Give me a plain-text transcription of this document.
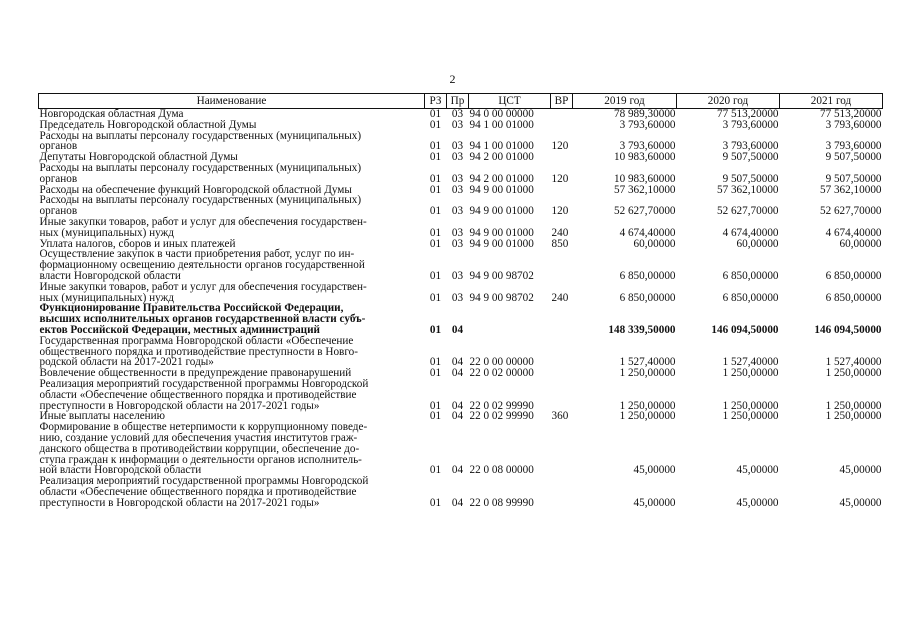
2
Наименование	РЗ	Пр	ЦСТ	ВР	2019 год	2020 год	2021 год

Новгородская областная Дума	01	03	94 0 00 00000		78 989,30000	77 513,20000	77 513,20000

Председатель Новгородской областной Думы	01	03	94 1 00 01000		3 793,60000	3 793,60000	3 793,60000

Расходы на выплаты персоналу государственных (муниципальных)
органов	01	03	94 1 00 01000	120	3 793,60000	3 793,60000	3 793,60000

Депутаты Новгородской областной Думы	01	03	94 2 00 01000		10 983,60000	9 507,50000	9 507,50000

Расходы на выплаты персоналу государственных (муниципальных)
органов	01	03	94 2 00 01000	120	10 983,60000	9 507,50000	9 507,50000

Расходы на обеспечение функций Новгородской областной Думы	01	03	94 9 00 01000		57 362,10000	57 362,10000	57 362,10000

Расходы на выплаты персоналу государственных (муниципальных)
органов	01	03	94 9 00 01000	120	52 627,70000	52 627,70000	52 627,70000

Иные закупки товаров, работ и услуг для обеспечения государствен-
ных (муниципальных) нужд	01	03	94 9 00 01000	240	4 674,40000	4 674,40000	4 674,40000

Уплата налогов, сборов и иных платежей	01	03	94 9 00 01000	850	60,00000	60,00000	60,00000

Осуществление закупок в части приобретения работ, услуг по ин-
формационному освещению деятельности органов государственной
власти Новгородской области	01	03	94 9 00 98702		6 850,00000	6 850,00000	6 850,00000

Иные закупки товаров, работ и услуг для обеспечения государствен-
ных (муниципальных) нужд	01	03	94 9 00 98702	240	6 850,00000	6 850,00000	6 850,00000

Функционирование Правительства Российской Федерации,
высших исполнительных органов государственной власти субъ-
ектов Российской Федерации, местных администраций	01	04			148 339,50000	146 094,50000	146 094,50000

Государственная программа Новгородской области «Обеспечение
общественного порядка и противодействие преступности в Новго-
родской области на 2017-2021 годы»	01	04	22 0 00 00000		1 527,40000	1 527,40000	1 527,40000

Вовлечение общественности в предупреждение правонарушений	01	04	22 0 02 00000		1 250,00000	1 250,00000	1 250,00000

Реализация мероприятий государственной программы Новгородской
области «Обеспечение общественного порядка и противодействие
преступности в Новгородской области на 2017-2021 годы»	01	04	22 0 02 99990		1 250,00000	1 250,00000	1 250,00000

Иные выплаты населению	01	04	22 0 02 99990	360	1 250,00000	1 250,00000	1 250,00000

Формирование в обществе нетерпимости к коррупционному поведе-
нию, создание условий для обеспечения участия институтов граж-
данского общества в противодействии коррупции, обеспечение до-
ступа граждан к информации о деятельности органов исполнитель-
ной власти Новгородской области	01	04	22 0 08 00000		45,00000	45,00000	45,00000

Реализация мероприятий государственной программы Новгородской
области «Обеспечение общественного порядка и противодействие
преступности в Новгородской области на 2017-2021 годы»	01	04	22 0 08 99990		45,00000	45,00000	45,00000
